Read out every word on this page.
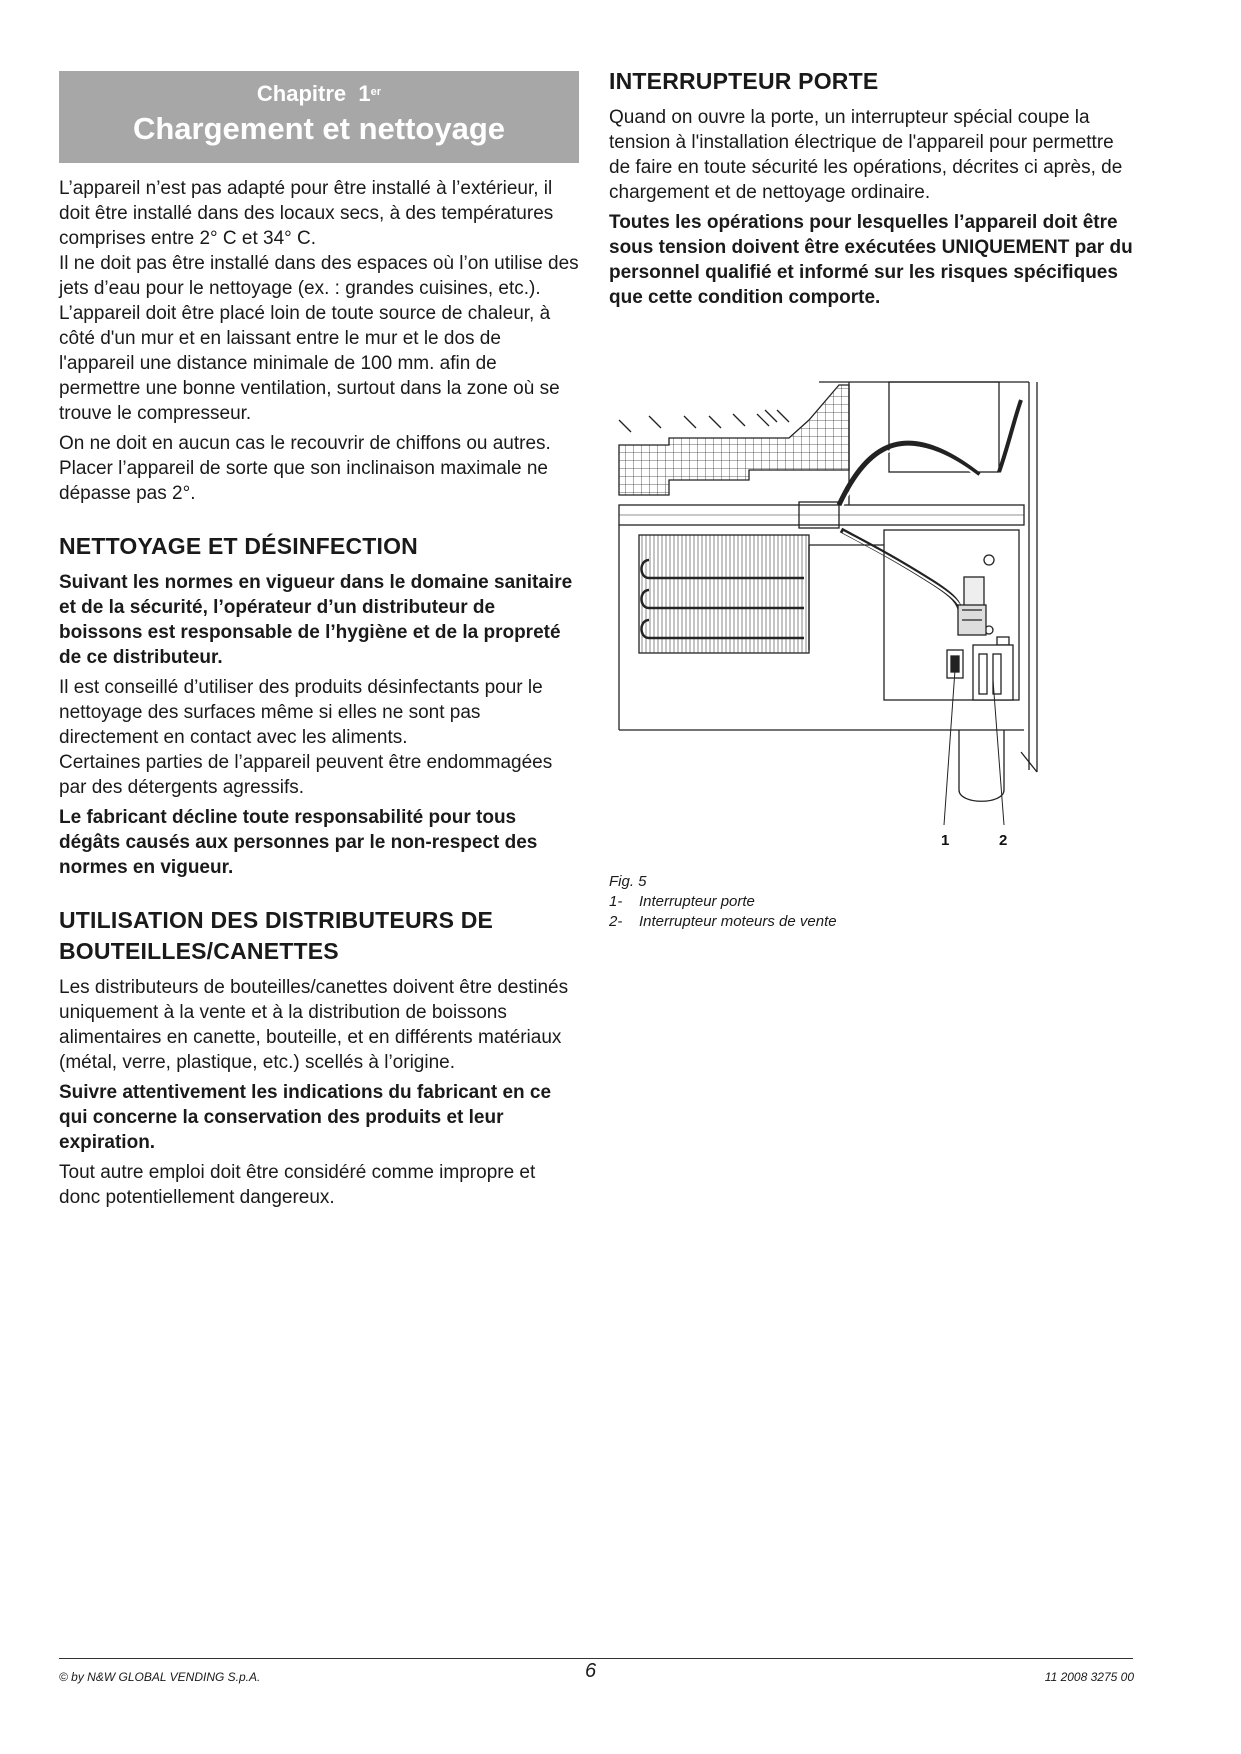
Chapitre 1er
Chargement et nettoyage

L’appareil n’est pas adapté pour être installé à l’extérieur, il doit être installé dans des locaux secs, à des températures comprises entre 2° C et 34° C.

Il ne doit pas être installé dans des espaces où l’on utilise des jets d’eau pour le nettoyage (ex. : grandes cuisines, etc.).

L’appareil doit être placé loin de toute source de chaleur, à côté d'un mur et en laissant entre le mur et le dos de l'appareil une distance minimale de 100 mm. afin de permettre une bonne ventilation, surtout dans la zone où se trouve le compresseur.

On ne doit en aucun cas le recouvrir de chiffons ou autres. Placer l’appareil de sorte que son inclinaison maximale ne dépasse pas 2°.

NETTOYAGE ET DÉSINFECTION

Suivant les normes en vigueur dans le domaine sanitaire et de la sécurité, l’opérateur d’un distributeur de boissons est responsable de l’hygiène et de la propreté de ce distributeur.

Il est conseillé d’utiliser des produits désinfectants pour le nettoyage des surfaces même si elles ne sont pas directement en contact avec les aliments.

Certaines parties de l’appareil peuvent être endommagées par des détergents agressifs.

Le fabricant décline toute responsabilité pour tous dégâts causés aux personnes par le non-respect des normes en vigueur.

UTILISATION DES DISTRIBUTEURS DE BOUTEILLES/CANETTES

Les distributeurs de bouteilles/canettes doivent être destinés uniquement à la vente et à la distribution de boissons alimentaires en canette, bouteille, et en différents matériaux (métal, verre, plastique, etc.) scellés à l’origine.

Suivre attentivement les indications du fabricant en ce qui concerne la conservation des produits et leur expiration.

Tout autre emploi doit être considéré comme impropre et donc potentiellement dangereux.

INTERRUPTEUR PORTE

Quand on ouvre la porte, un interrupteur spécial coupe la tension à l'installation électrique de l'appareil pour permettre de faire en toute sécurité les opérations, décrites ci après, de chargement et de nettoyage ordinaire.

Toutes les opérations pour lesquelles l’appareil doit être sous tension doivent être exécutées UNIQUEMENT par du personnel qualifié et informé sur les risques spécifiques que cette condition comporte.

1	2
Fig. 5
1-	Interrupteur porte
2-	Interrupteur moteurs de vente
© by N&W GLOBAL VENDING S.p.A.	6	11 2008 3275 00
